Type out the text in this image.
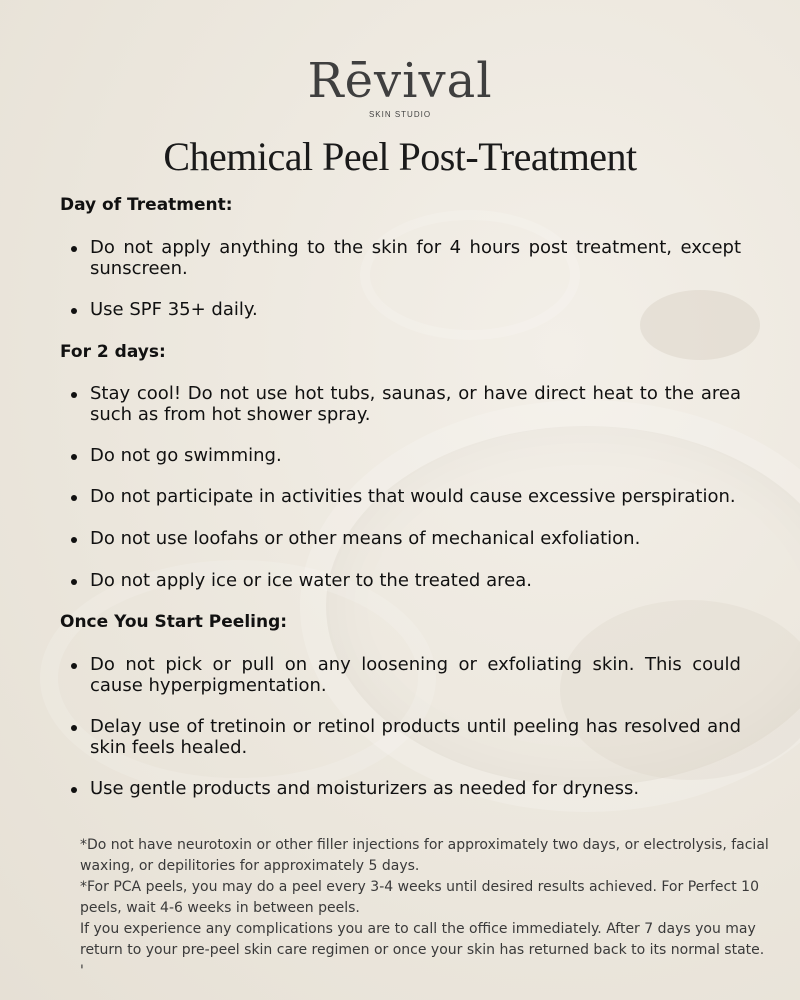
Rēvival
SKIN STUDIO
Chemical Peel Post-Treatment
Day of Treatment:
Do not apply anything to the skin for 4 hours post treatment, except sunscreen.
Use SPF 35+ daily.
For 2 days:
Stay cool! Do not use hot tubs, saunas, or have direct heat to the area such as from hot shower spray.
Do not go swimming.
Do not participate in activities that would cause excessive perspiration.
Do not use loofahs or other means of mechanical exfoliation.
Do not apply ice or ice water to the treated area.
Once You Start Peeling:
Do not pick or pull on any loosening or exfoliating skin. This could cause hyperpigmentation.
Delay use of tretinoin or retinol products until peeling has resolved and skin feels healed.
Use gentle products and moisturizers as needed for dryness.

*Do not have neurotoxin or other filler injections for approximately two days, or electrolysis, facial waxing, or depilitories for approximately 5 days.

*For PCA peels, you may do a peel every 3-4 weeks until desired results achieved. For Perfect 10 peels, wait 4-6 weeks in between peels.

If you experience any complications you are to call the office immediately. After 7 days you may return to your pre-peel skin care regimen or once your skin has returned back to its normal state. '
